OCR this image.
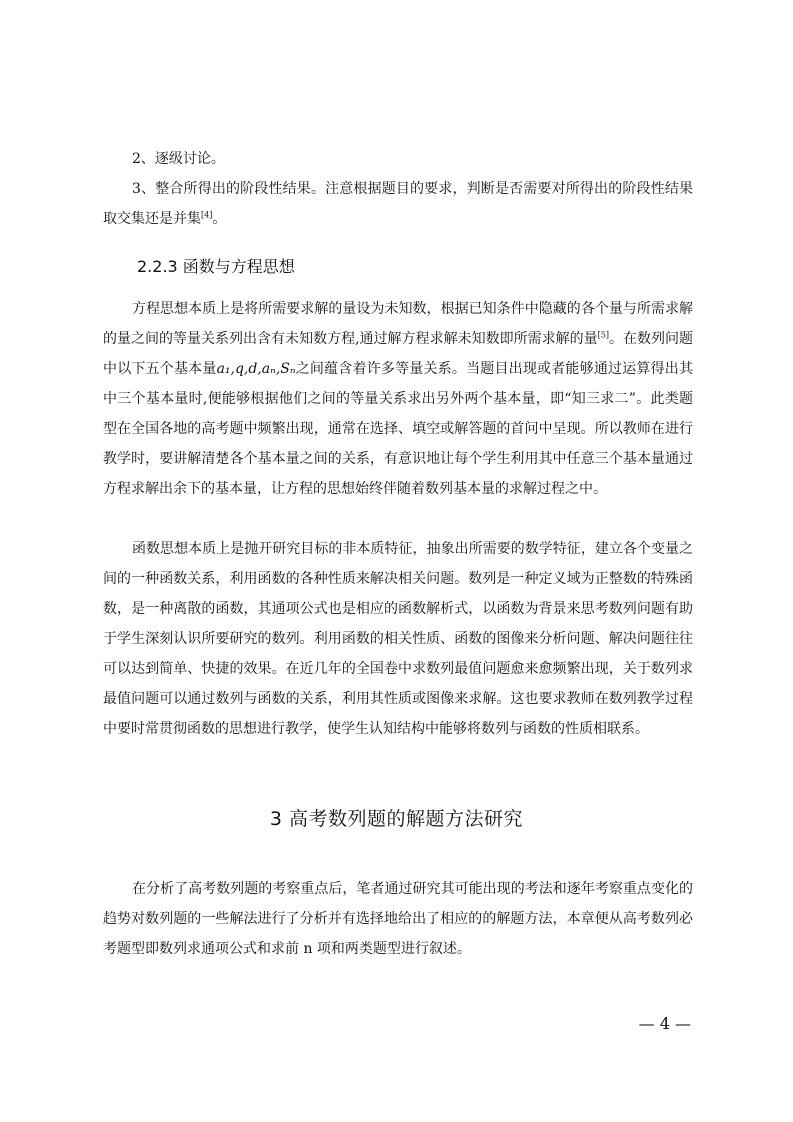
2、逐级讨论。

3、整合所得出的阶段性结果。注意根据题目的要求，判断是否需要对所得出的阶段性结果取交集还是并集[4]。

2.2.3 函数与方程思想

方程思想本质上是将所需要求解的量设为未知数，根据已知条件中隐藏的各个量与所需求解的量之间的等量关系列出含有未知数方程,通过解方程求解未知数即所需求解的量[5]。在数列问题中以下五个基本量a₁,q,d,aₙ,Sₙ之间蕴含着许多等量关系。当题目出现或者能够通过运算得出其中三个基本量时,便能够根据他们之间的等量关系求出另外两个基本量，即“知三求二”。此类题型在全国各地的高考题中频繁出现，通常在选择、填空或解答题的首问中呈现。所以教师在进行教学时，要讲解清楚各个基本量之间的关系，有意识地让每个学生利用其中任意三个基本量通过方程求解出余下的基本量，让方程的思想始终伴随着数列基本量的求解过程之中。

函数思想本质上是抛开研究目标的非本质特征，抽象出所需要的数学特征，建立各个变量之间的一种函数关系，利用函数的各种性质来解决相关问题。数列是一种定义域为正整数的特殊函数，是一种离散的函数，其通项公式也是相应的函数解析式，以函数为背景来思考数列问题有助于学生深刻认识所要研究的数列。利用函数的相关性质、函数的图像来分析问题、解决问题往往可以达到简单、快捷的效果。在近几年的全国卷中求数列最值问题愈来愈频繁出现，关于数列求最值问题可以通过数列与函数的关系，利用其性质或图像来求解。这也要求教师在数列教学过程中要时常贯彻函数的思想进行教学，使学生认知结构中能够将数列与函数的性质相联系。

3 高考数列题的解题方法研究

在分析了高考数列题的考察重点后，笔者通过研究其可能出现的考法和逐年考察重点变化的趋势对数列题的一些解法进行了分析并有选择地给出了相应的的解题方法，本章便从高考数列必考题型即数列求通项公式和求前 n 项和两类题型进行叙述。

— 4 —
